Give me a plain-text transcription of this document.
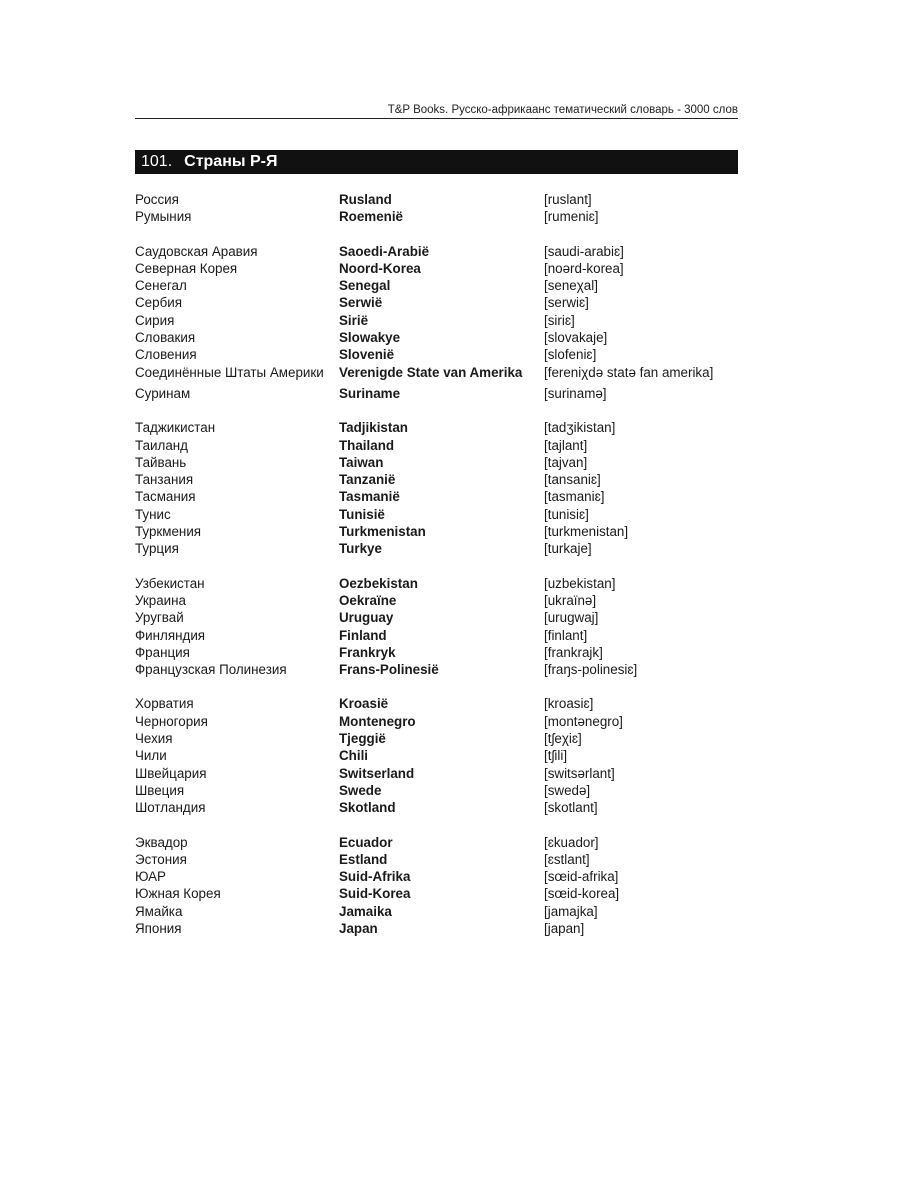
T&P Books. Русско-африкаанс тематический словарь - 3000 слов
101. Страны Р-Я
Россия	Rusland	[ruslant]
Румыния	Roemenië	[rumeniɛ]
Саудовская Аравия	Saoedi-Arabië	[saudi-arabiɛ]
Северная Корея	Noord-Korea	[noərd-korea]
Сенегал	Senegal	[seneχal]
Сербия	Serwië	[serwiɛ]
Сирия	Sirië	[siriɛ]
Словакия	Slowakye	[slovakaje]
Словения	Slovenië	[slofeniɛ]
Соединённые Штаты Америки	Verenigde State van Amerika	[fereniχdə statə fan amerika]
Суринам	Suriname	[surinamə]
Таджикистан	Tadjikistan	[tadʒikistan]
Таиланд	Thailand	[tajlant]
Тайвань	Taiwan	[tajvan]
Танзания	Tanzanië	[tansaniɛ]
Тасмания	Tasmanië	[tasmaniɛ]
Тунис	Tunisië	[tunisiɛ]
Туркмения	Turkmenistan	[turkmenistan]
Турция	Turkye	[turkaje]
Узбекистан	Oezbekistan	[uzbekistan]
Украина	Oekraïne	[ukraïnə]
Уругвай	Uruguay	[urugwaj]
Финляндия	Finland	[finlant]
Франция	Frankryk	[frankrajk]
Французская Полинезия	Frans-Polinesië	[fraŋs-polinesiɛ]
Хорватия	Kroasië	[kroasiɛ]
Черногория	Montenegro	[montənegro]
Чехия	Tjeggië	[tʃeχiɛ]
Чили	Chili	[tʃili]
Швейцария	Switserland	[switsərlant]
Швеция	Swede	[swedə]
Шотландия	Skotland	[skotlant]
Эквадор	Ecuador	[ɛkuador]
Эстония	Estland	[ɛstlant]
ЮАР	Suid-Afrika	[sœid-afrika]
Южная Корея	Suid-Korea	[sœid-korea]
Ямайка	Jamaika	[jamajka]
Япония	Japan	[japan]
